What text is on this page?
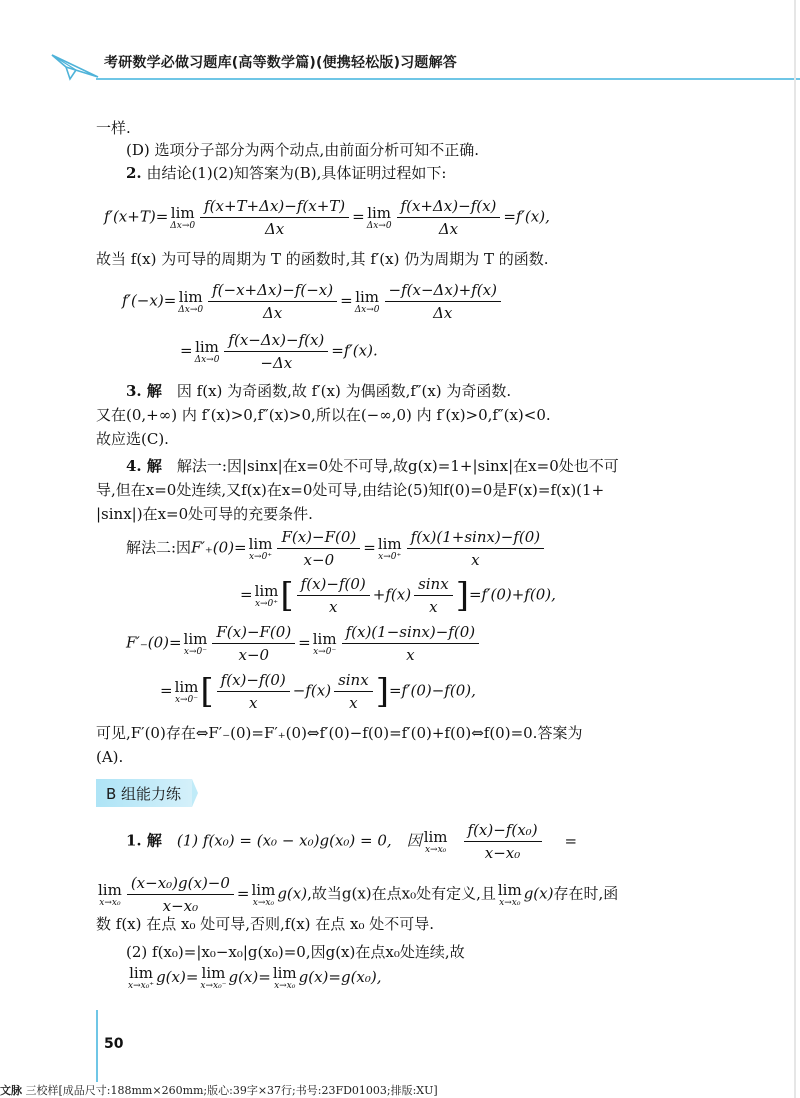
考研数学必做习题库(高等数学篇)(便携轻松版)习题解答
一样.
(D) 选项分子部分为两个动点,由前面分析可知不正确.
2. 由结论(1)(2)知答案为(B),具体证明过程如下:
f′(x+T)= lim
$\Delta x\to 0 \frac{f(x+T+\Delta x)-f(x+T)}{\Delta x} = \lim$
$\Delta x\to 0 \frac{f(x+\Delta x)-f(x)}{\Delta x} =f'(x)$,
故当 f(x) 为可导的周期为 T 的函数时,其 f′(x) 仍为周期为 T 的函数.
f′(−x)= lim
$\Delta x\to 0 \frac{f(-x+\Delta x)-f(-x)}{\Delta x} = \lim$
$\Delta x\to 0 \frac{-f(x-\Delta x)+f(x)}{\Delta x}$
= lim
$\Delta x\to 0 \frac{f(x-\Delta x)-f(x)}{-\Delta x} =f'(x)$.
3. 解　因 f(x) 为奇函数,故 f′(x) 为偶函数,f″(x) 为奇函数.
又在(0,+∞) 内 f′(x)>0,f″(x)>0,所以在(−∞,0) 内 f′(x)>0,f″(x)<0.
故应选(C).
4. 解　解法一:因|sinx|在x=0处不可导,故g(x)=1+|sinx|在x=0处也不可
导,但在x=0处连续,又f(x)在x=0处可导,由结论(5)知f(0)=0是F(x)=f(x)(1+
|sinx|)在x=0处可导的充要条件.
解法二:因F′₊(0)= lim
$x\to 0^+ \frac{F(x)-F(0)}{x-0} = \lim$
$x\to 0^+ \frac{f(x)(1+\sin x)-f(0)}{x}$
= lim
x→0⁺ [ $\frac{f(x)-f(0)}{x} +f(x) \frac{\sin x}{x} ]=f'(0)+f(0)$,
F′₋(0)= lim
$x\to 0^- \frac{F(x)-F(0)}{x-0} = \lim$
$x\to 0^- \frac{f(x)(1-\sin x)-f(0)}{x}$
= lim
x→0⁻ [ $\frac{f(x)-f(0)}{x} -f(x) \frac{\sin x}{x} ]=f'(0)-f(0)$,
可见,F′(0)存在⇔F′₋(0)=F′₊(0)⇔f′(0)−f(0)=f′(0)+f(0)⇔f(0)=0.答案为
(A).
B 组能力练
1. 解　(1) f(x₀) = (x₀ − x₀)g(x₀) = 0,　因 lim
$x\to x_0 \frac{\text{f(x)−f(x₀)}}{\text{x−x₀}}$ =
lim
$x\to x_0 \frac{\text{(x−x₀)g(x)−0}}{\text{x−x₀}} = \lim$
x→x₀ g(x),故当g(x)在点x₀处有定义,且 lim
x→x₀ g(x)存在时,函
数 f(x) 在点 x₀ 处可导,否则,f(x) 在点 x₀ 处不可导.
(2) f(x₀)=|x₀−x₀|g(x₀)=0,因g(x)在点x₀处连续,故
lim
x→x₀⁺ g(x)= lim
x→x₀⁻ g(x)= lim
x→x₀ g(x)=g(x₀),
50
文脉 三校样[成品尺寸:188mm×260mm;版心:39字×37行;书号:23FD01003;排版:XU]
